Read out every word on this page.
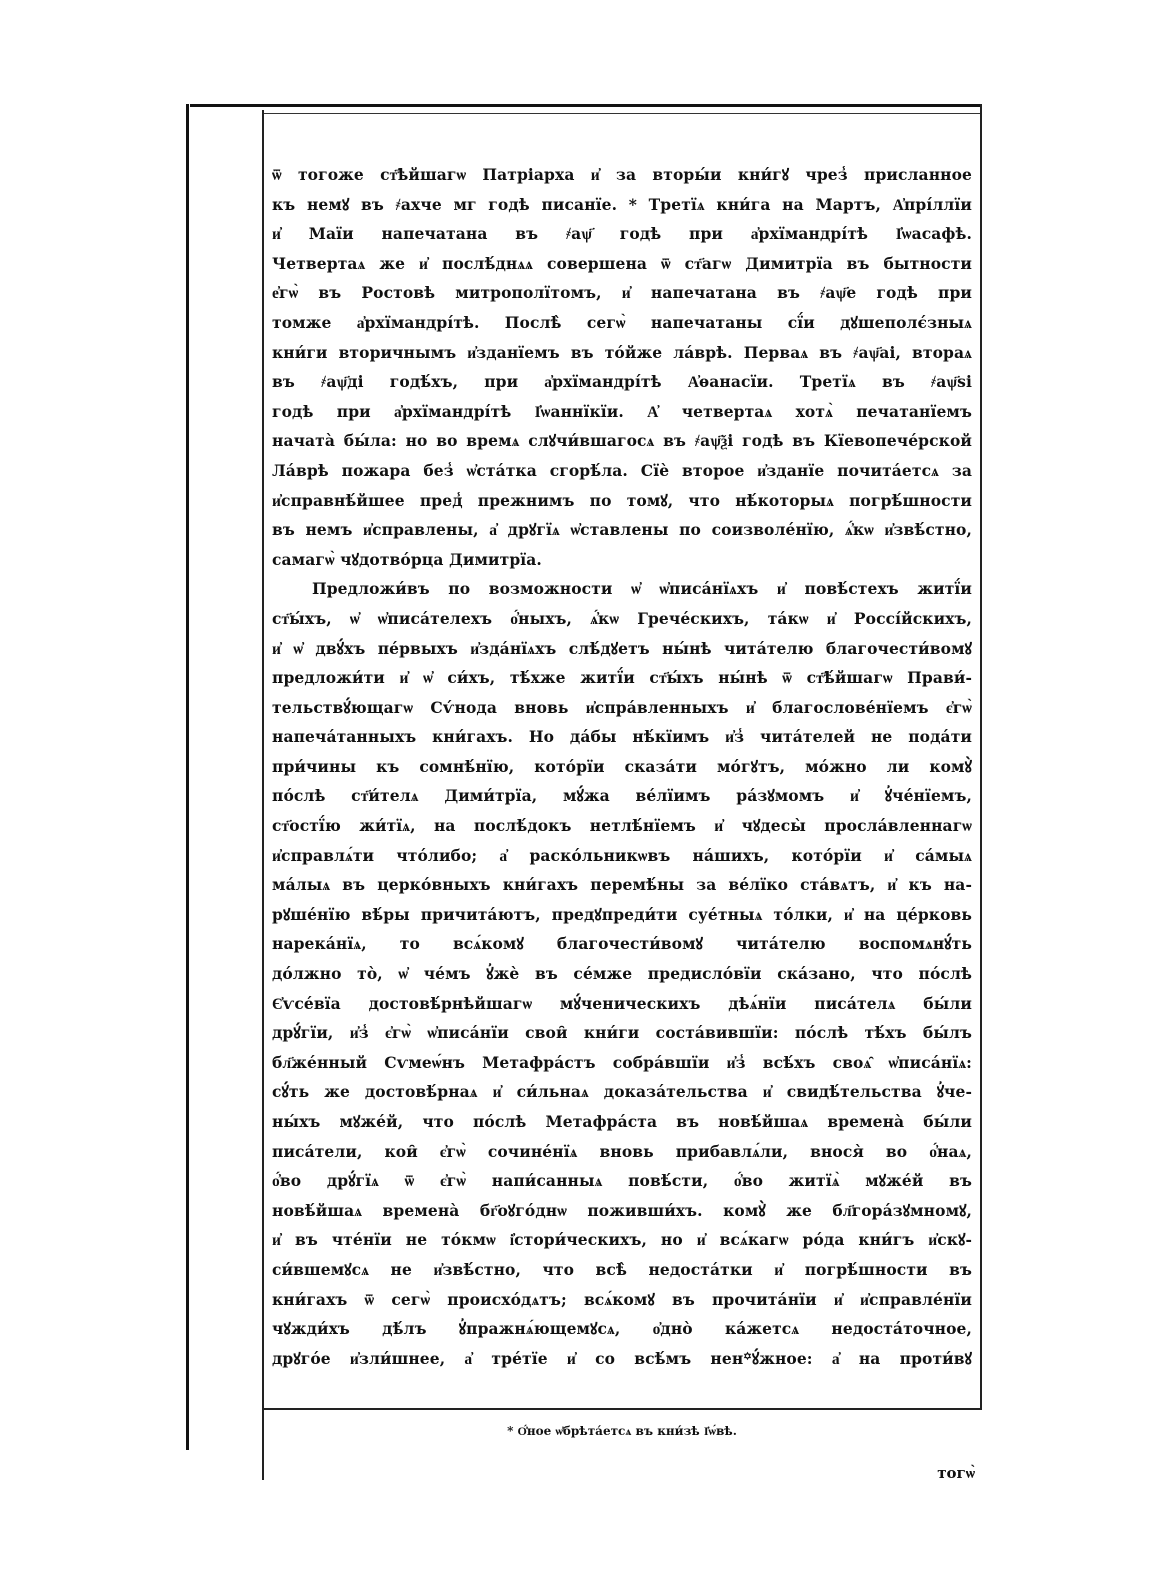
ѿ тогоже ст҃ѣйшагѡ Патріарха и҆ за вторы́и кни́гꙋ чрез̾ присланное
къ немꙋ въ ҂ахче мг годѣ писанїе. * Третїѧ кни́га на Мартъ, А҆прі́ллїи
и҆ Маїи напечатана въ ҂аѱ҃ годѣ при а҆рхїмандрі́тѣ І҆ѡасафѣ.
Четвертаѧ же и҆ послѣ́днѧѧ совершена ѿ ст҃агѡ Димитрїа въ бытности
е҆гѡ̀ въ Ростовѣ митрополїтомъ, и҆ напечатана въ ҂аѱ҃е годѣ при
томже а҆рхїмандрі́тѣ. Послѣ̀ сегѡ̀ напечатаны сї́и дꙋшеполє́зныѧ
кни́ги вторичнымъ и҆зданїемъ въ то́йже ла́врѣ. Перваѧ въ ҂аѱ҃аі, втораѧ
въ ҂аѱ҃ді годѣ́хъ, при а҆рхїмандрі́тѣ А҆ѳанасїи. Третїѧ въ ҂аѱ҃ѕі
годѣ при а҆рхїмандрі́тѣ І҆ѡаннїкїи. А҆ четвертаѧ хотѧ̀ печатанїемъ
начата̀ бы́ла: но во времѧ слꙋчи́вшагосѧ въ ҂аѱ҃ѯі годѣ въ Кїевопече́рской
Ла́врѣ пожара без̾ ѡ҆ста́тка сгорѣ́ла. Сїѐ второе и҆зданїе почита́етсѧ за
и҆справнѣ́йшее пред̾ прежнимъ по томꙋ, что нѣ́которыѧ погрѣ́шности
въ немъ и҆справлены, а҆ дрꙋгїѧ ѡ҆ставлены по соизволе́нїю, ѧ҆́кѡ и҆звѣ́стно,
самагѡ̀ чꙋдотво́рца Димитрїа.
Предложи́въ по возможности ѡ҆ ѡ҆писа́нїѧхъ и҆ повѣ́стехъ житї́и
ст҃ы́хъ, ѡ҆ ѡ҆писа́телехъ о҆́ныхъ, ѧ҆́кѡ Грече́скихъ, та́кѡ и҆ Россі́йскихъ,
и҆ ѡ҆ двꙋ́хъ пе́рвыхъ и҆зда́нїѧхъ слѣ́дꙋетъ ны́нѣ чита́телю благочести́вомꙋ
предложи́ти и҆ ѡ҆ си́хъ, тѣ́хже житї́и ст҃ы́хъ ны́нѣ ѿ ст҃ѣ́йшагѡ Прави́-
тельствꙋ́ющагѡ Сѵ́нода вновь и҆спра́вленныхъ и҆ благослове́нїемъ є҆гѡ̀
напеча́танныхъ кни́гахъ. Но да́бы нѣ́кїимъ и҆з̾ чита́телей не пода́ти
при́чины къ сомнѣ́нїю, кото́рїи сказа́ти мо́гꙋтъ, мо́жно ли комꙋ̀
по́слѣ ст҃и́телѧ Дими́трїа, мꙋ́жа ве́лїимъ ра́зꙋмомъ и҆ ꙋ҆че́нїемъ,
ст҃остї́ю жи́тїѧ, на послѣ́докъ нетлѣ́нїемъ и҆ чꙋдесы̀ просла́вленнагѡ
и҆справлѧ́ти что́либо; а҆ раско́льникѡвъ на́шихъ, кото́рїи и҆ са́мыѧ
ма́лыѧ въ церко́вныхъ кни́гахъ перемѣ́ны за ве́лїко ста́вѧтъ, и҆ къ на-
рꙋше́нїю вѣ́ры причита́ютъ, предꙋпреди́ти суе́тныѧ то́лки, и҆ на це́рковь
нарека́нїѧ, то всѧ́комꙋ благочести́вомꙋ чита́телю воспомѧнꙋ́ть
до́лжно то̀, ѡ҆ че́мъ ꙋ҆жѐ въ се́мже предисло́вїи ска́зано, что по́слѣ
Є҆ѵсе́вїа достовѣ́рнѣйшагѡ мꙋ́ченическихъ дѣѧ́нїи писа́телѧ бы́ли
дрꙋ́гїи, и҆з̾ є҆гѡ̀ ѡ҆писа́нїи свои̑ кни́ги соста́вившїи: по́слѣ тѣ́хъ бы́лъ
бл҃же́нный Сѵмеѡ́нъ Метафра́стъ собра́вшїи и҆з̾ всѣ́хъ своѧ̑ ѡ҆писа́нїѧ:
сꙋ́ть же достовѣ́рнаѧ и҆ си́льнаѧ доказа́тельства и҆ свидѣ́тельства ꙋ҆че-
ны́хъ мꙋже́й, что по́слѣ Метафра́ста въ новѣ́йшаѧ времена̀ бы́ли
писа́тели, кои̑ є҆гѡ̀ сочине́нїѧ вновь прибавлѧ́ли, внося̀ во о҆́наѧ,
о҆́во дрꙋ́гїѧ ѿ є҆гѡ̀ напи́санныѧ повѣ́сти, о҆́во житїѧ̀ мꙋже́й въ
новѣ́йшаѧ времена̀ бг҃оꙋго́днѡ поживши́хъ. комꙋ̀ же бл҃гора́зꙋмномꙋ,
и҆ въ чте́нїи не то́кмѡ і҆стори́ческихъ, но и҆ всѧ́кагѡ ро́да кни́гъ и҆скꙋ-
си́вшемꙋсѧ не и҆звѣ́стно, что всѣ̀ недоста́тки и҆ погрѣ́шности въ
кни́гахъ ѿ сегѡ̀ происхо́дѧтъ; всѧ́комꙋ въ прочита́нїи и҆ и҆справле́нїи
чꙋжди́хъ дѣ́лъ ꙋ҆пражнѧ́ющемꙋсѧ, о҆дно̀ ка́жетсѧ недоста́точное,
дрꙋго́е и҆зли́шнее, а҆ тре́тїе и҆ со всѣ́мъ нен꙳ꙋ́жное: а҆ на проти́вꙋ
* О҆́ное ѡ҆брѣта́етсѧ въ кни́зѣ І҆ѡ́вѣ.
тогѡ̀
